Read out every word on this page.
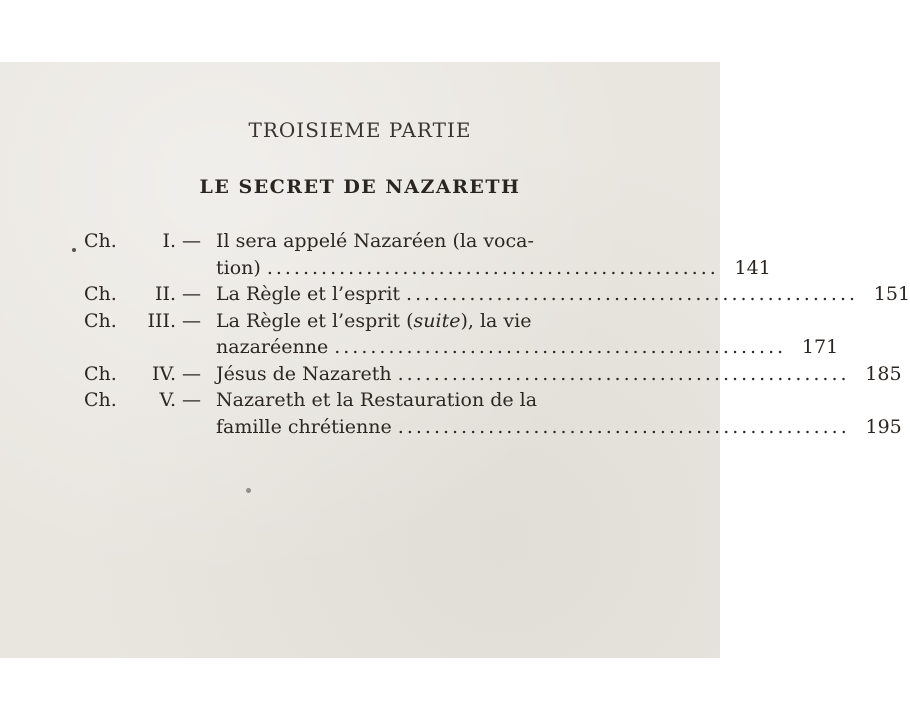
TROISIEME PARTIE
LE SECRET DE NAZARETH
Ch.	I. — Il sera appelé Nazaréen (la voca-
tion) .................................................. 141
Ch.	II. — La Règle et l’esprit .................................................. 151
Ch.	III. — La Règle et l’esprit (suite), la vie
nazaréenne .................................................. 171
Ch.	IV. — Jésus de Nazareth .................................................. 185
Ch.	V. — Nazareth et la Restauration de la
famille chrétienne .................................................. 195
